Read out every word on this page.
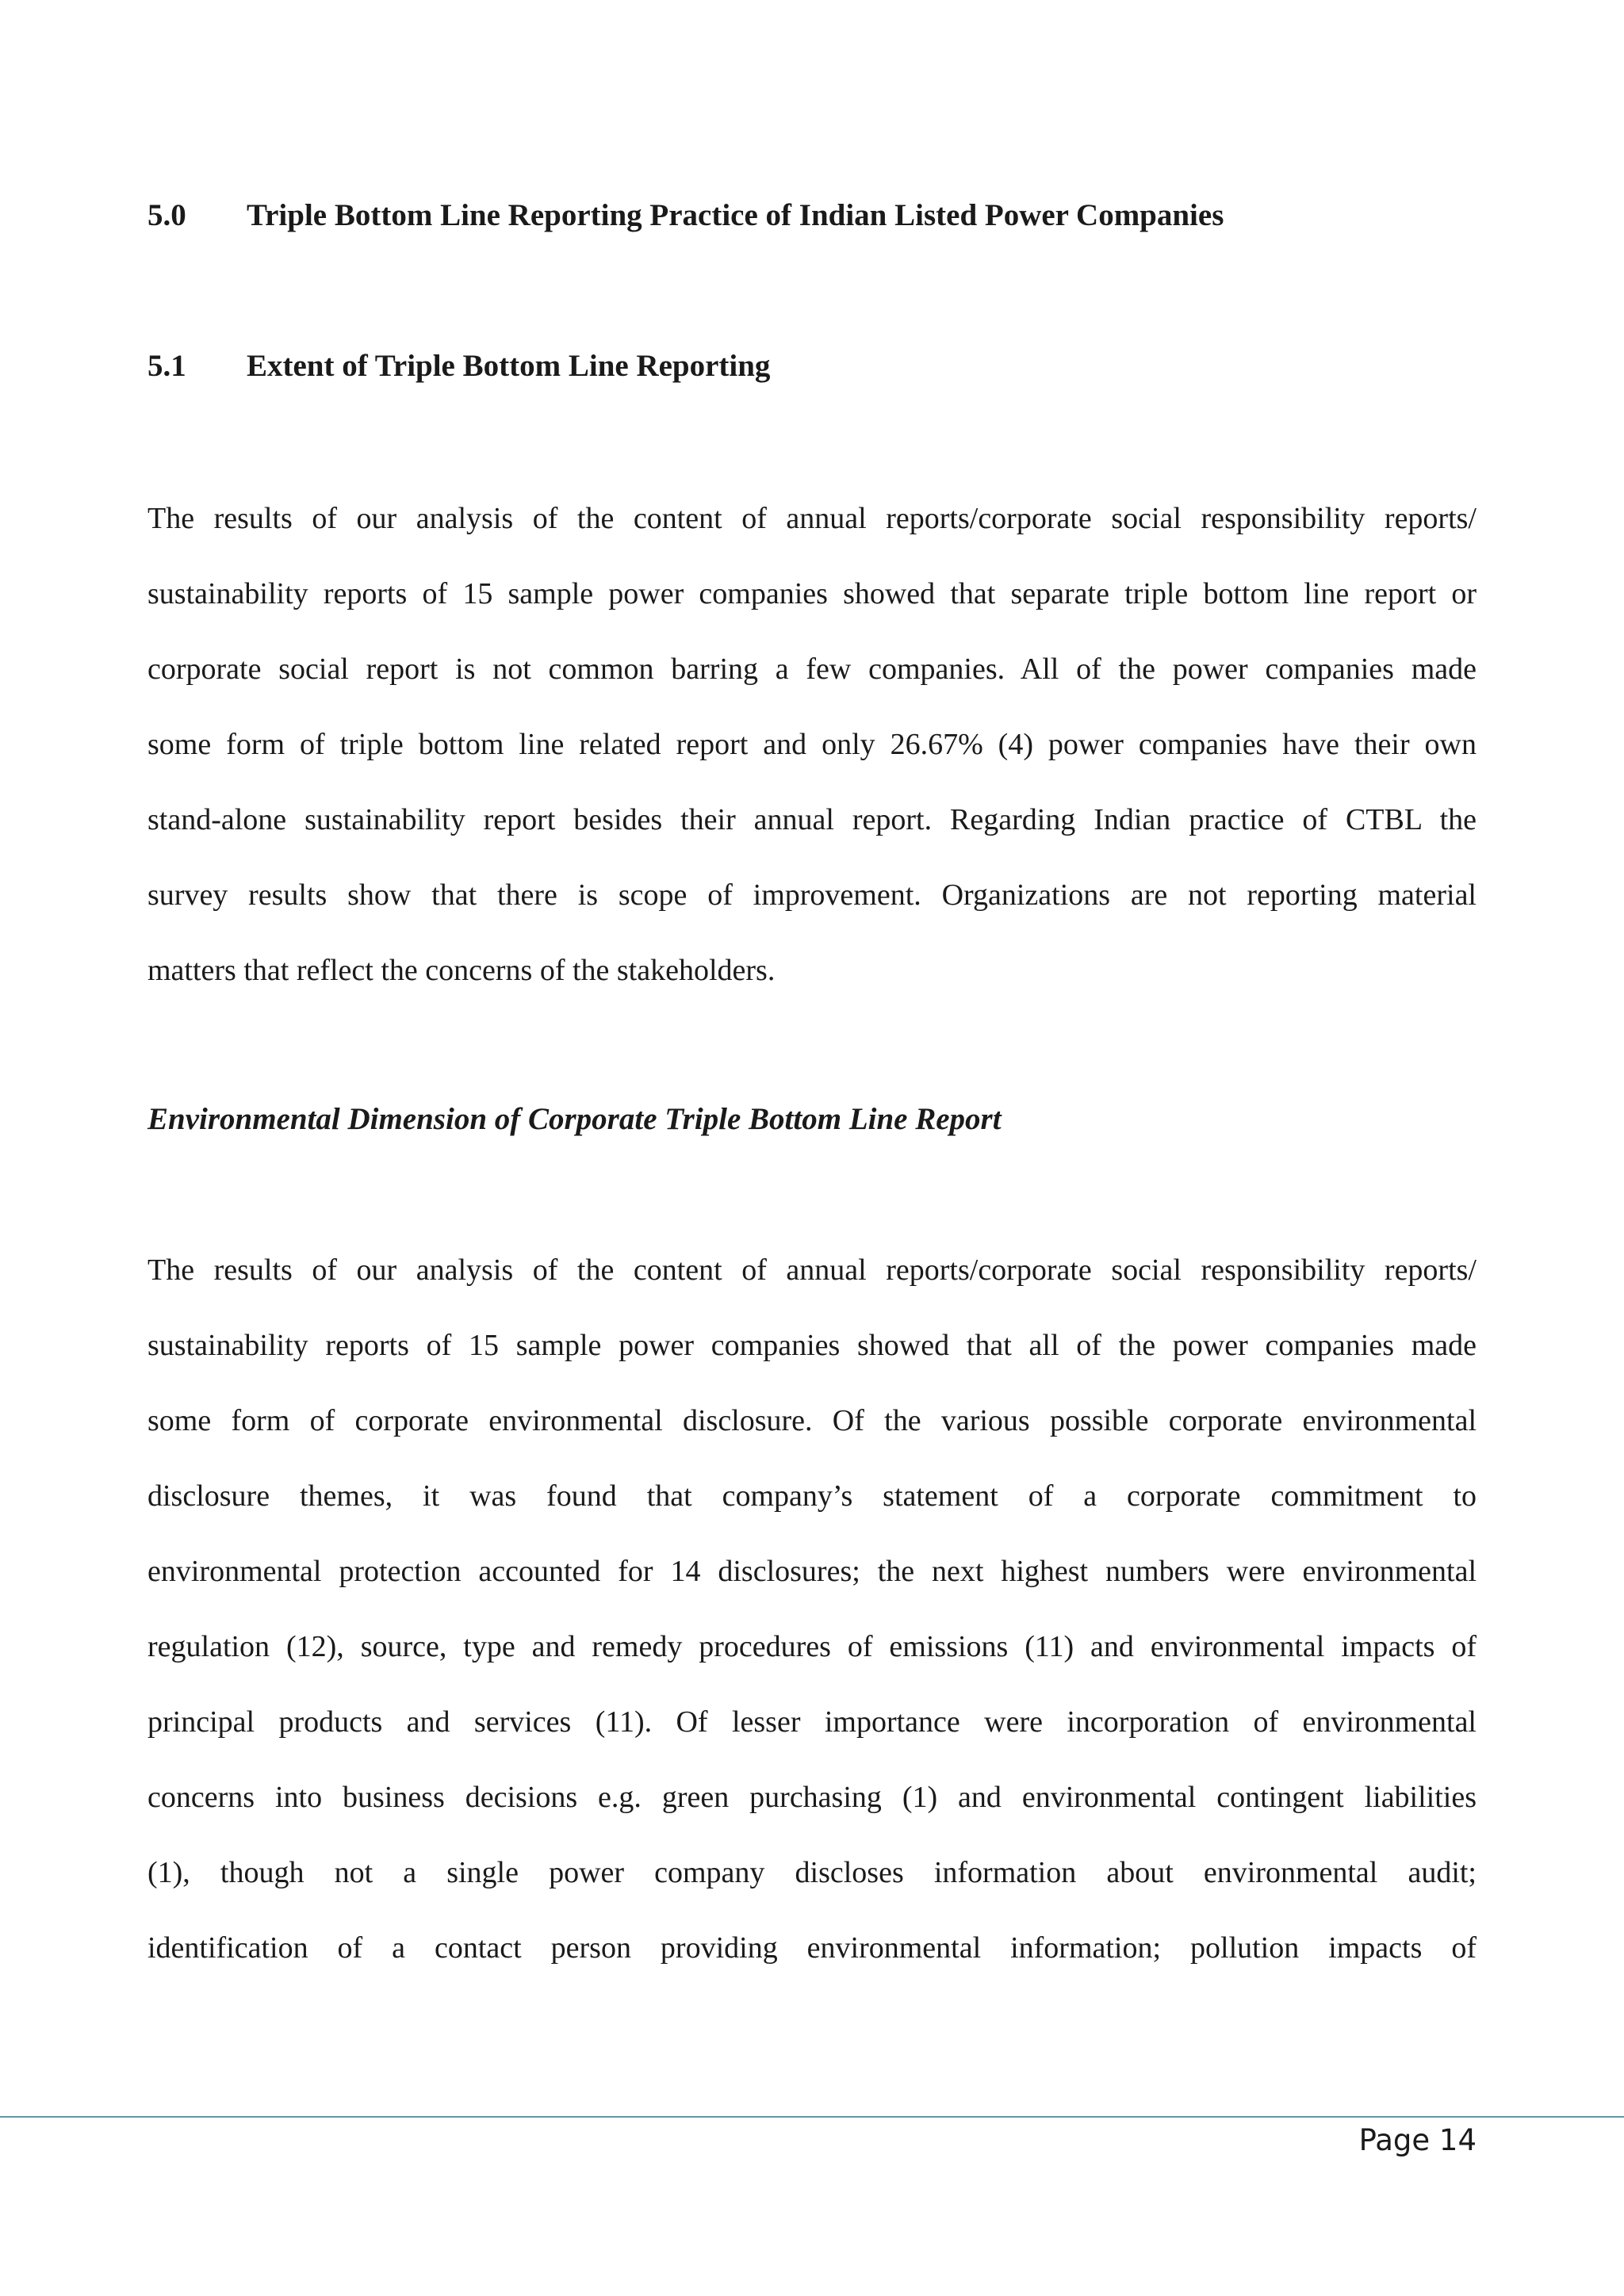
5.0 Triple Bottom Line Reporting Practice of Indian Listed Power Companies
5.1 Extent of Triple Bottom Line Reporting
The results of our analysis of the content of annual reports/corporate social responsibility reports/
sustainability reports of 15 sample power companies showed that separate triple bottom line report or
corporate social report is not common barring a few companies. All of the power companies made
some form of triple bottom line related report and only 26.67% (4) power companies have their own
stand-alone sustainability report besides their annual report. Regarding Indian practice of CTBL the
survey results show that there is scope of improvement. Organizations are not reporting material
matters that reflect the concerns of the stakeholders.
Environmental Dimension of Corporate Triple Bottom Line Report
The results of our analysis of the content of annual reports/corporate social responsibility reports/
sustainability reports of 15 sample power companies showed that all of the power companies made
some form of corporate environmental disclosure. Of the various possible corporate environmental
disclosure themes, it was found that company’s statement of a corporate commitment to
environmental protection accounted for 14 disclosures; the next highest numbers were environmental
regulation (12), source, type and remedy procedures of emissions (11) and environmental impacts of
principal products and services (11). Of lesser importance were incorporation of environmental
concerns into business decisions e.g. green purchasing (1) and environmental contingent liabilities
(1), though not a single power company discloses information about environmental audit;
identification of a contact person providing environmental information; pollution impacts of
Page 14
